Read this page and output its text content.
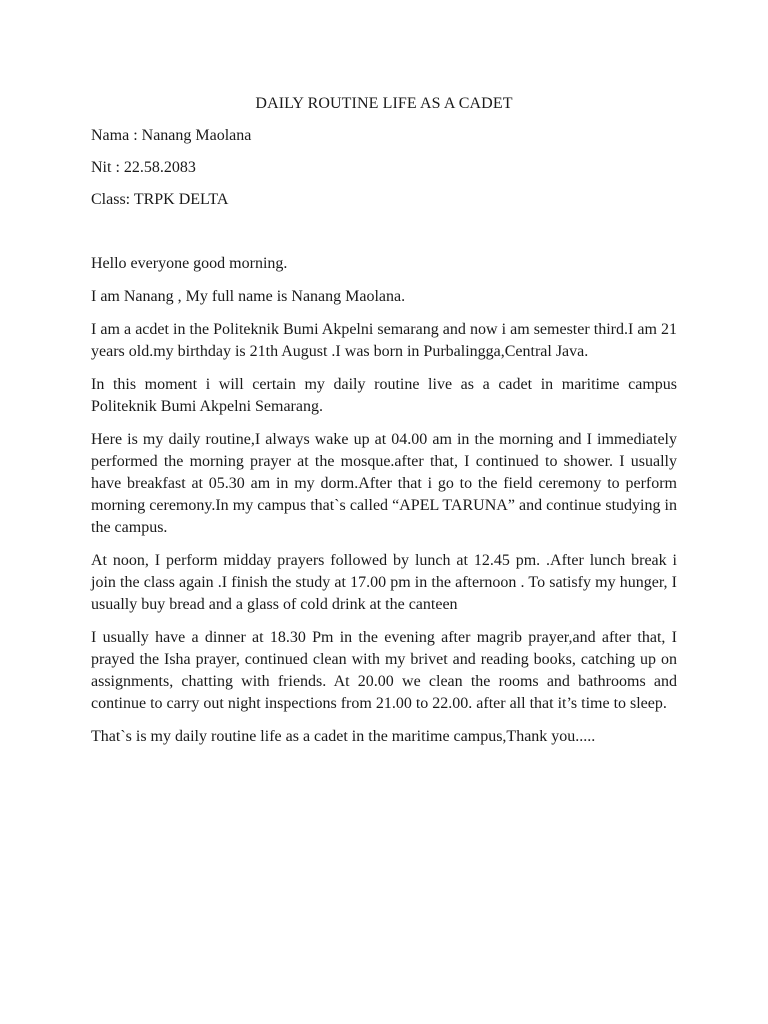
DAILY ROUTINE LIFE AS A CADET

Nama : Nanang Maolana

Nit : 22.58.2083

Class: TRPK DELTA

Hello everyone good morning.

I am Nanang , My full name is Nanang Maolana.

I am a acdet in the Politeknik Bumi Akpelni semarang and now i am semester third.I am 21 years old.my birthday is 21th August .I was born in Purbalingga,Central Java.

In this moment i will certain my daily routine live as a cadet in maritime campus Politeknik Bumi Akpelni Semarang.

Here is my daily routine,I always wake up at 04.00 am in the morning and I immediately performed the morning prayer at the mosque.after that, I continued to shower. I usually have breakfast at 05.30 am in my dorm.After that i go to the field ceremony to perform morning ceremony.In my campus that`s called “APEL TARUNA” and continue studying in the campus.

At noon, I perform midday prayers followed by lunch at 12.45 pm. .After lunch break i join the class again .I finish the study at 17.00 pm in the afternoon . To satisfy my hunger, I usually buy bread and a glass of cold drink at the canteen

I usually have a dinner at 18.30 Pm in the evening after magrib prayer,and after that, I prayed the Isha prayer, continued clean with my brivet and reading books, catching up on assignments, chatting with friends. At 20.00 we clean the rooms and bathrooms and continue to carry out night inspections from 21.00 to 22.00. after all that it’s time to sleep.

That`s is my daily routine life as a cadet in the maritime campus,Thank you.....
